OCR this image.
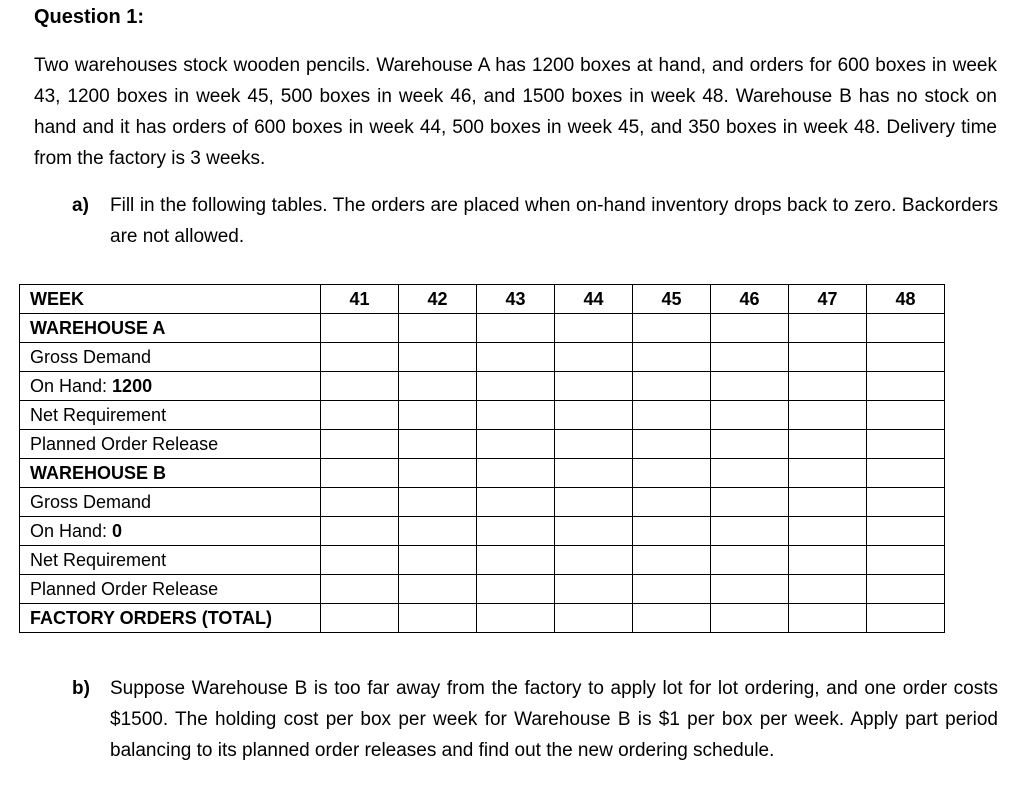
Question 1:
Two warehouses stock wooden pencils. Warehouse A has 1200 boxes at hand, and orders for 600 boxes in week 43, 1200 boxes in week 45, 500 boxes in week 46, and 1500 boxes in week 48. Warehouse B has no stock on hand and it has orders of 600 boxes in week 44, 500 boxes in week 45, and 350 boxes in week 48. Delivery time from the factory is 3 weeks.
a) Fill in the following tables. The orders are placed when on-hand inventory drops back to zero. Backorders are not allowed.
WEEK	41	42	43	44	45	46	47	48
WAREHOUSE A								
Gross Demand								
On Hand: 1200								
Net Requirement								
Planned Order Release								
WAREHOUSE B								
Gross Demand								
On Hand: 0								
Net Requirement								
Planned Order Release								
FACTORY ORDERS (TOTAL)								
b) Suppose Warehouse B is too far away from the factory to apply lot for lot ordering, and one order costs $1500. The holding cost per box per week for Warehouse B is $1 per box per week. Apply part period balancing to its planned order releases and find out the new ordering schedule.
